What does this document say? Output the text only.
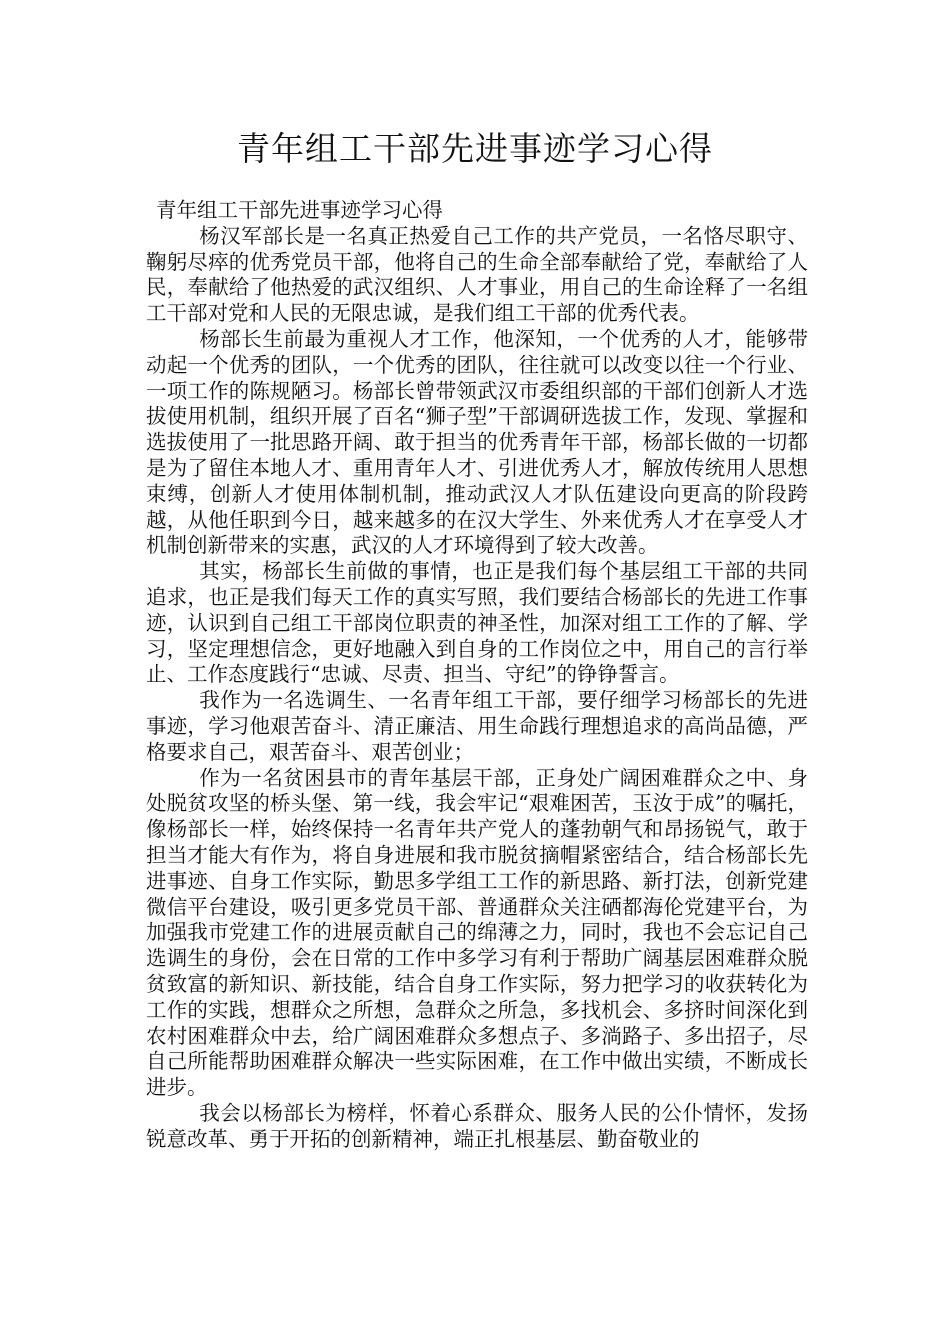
青年组工干部先进事迹学习心得

青年组工干部先进事迹学习心得

杨汉军部长是一名真正热爱自己工作的共产党员，一名恪尽职守、鞠躬尽瘁的优秀党员干部，他将自己的生命全部奉献给了党，奉献给了人民，奉献给了他热爱的武汉组织、人才事业，用自己的生命诠释了一名组工干部对党和人民的无限忠诚，是我们组工干部的优秀代表。

杨部长生前最为重视人才工作，他深知，一个优秀的人才，能够带动起一个优秀的团队，一个优秀的团队，往往就可以改变以往一个行业、一项工作的陈规陋习。杨部长曾带领武汉市委组织部的干部们创新人才选拔使用机制，组织开展了百名“狮子型”干部调研选拔工作，发现、掌握和选拔使用了一批思路开阔、敢于担当的优秀青年干部，杨部长做的一切都是为了留住本地人才、重用青年人才、引进优秀人才，解放传统用人思想束缚，创新人才使用体制机制，推动武汉人才队伍建设向更高的阶段跨越，从他任职到今日，越来越多的在汉大学生、外来优秀人才在享受人才机制创新带来的实惠，武汉的人才环境得到了较大改善。

其实，杨部长生前做的事情，也正是我们每个基层组工干部的共同追求，也正是我们每天工作的真实写照，我们要结合杨部长的先进工作事迹，认识到自己组工干部岗位职责的神圣性，加深对组工工作的了解、学习，坚定理想信念，更好地融入到自身的工作岗位之中，用自己的言行举止、工作态度践行“忠诚、尽责、担当、守纪”的铮铮誓言。

我作为一名选调生、一名青年组工干部，要仔细学习杨部长的先进事迹，学习他艰苦奋斗、清正廉洁、用生命践行理想追求的高尚品德，严格要求自己，艰苦奋斗、艰苦创业；

作为一名贫困县市的青年基层干部，正身处广阔困难群众之中、身处脱贫攻坚的桥头堡、第一线，我会牢记“艰难困苦，玉汝于成”的嘱托，像杨部长一样，始终保持一名青年共产党人的蓬勃朝气和昂扬锐气，敢于担当才能大有作为，将自身进展和我市脱贫摘帽紧密结合，结合杨部长先进事迹、自身工作实际，勤思多学组工工作的新思路、新打法，创新党建微信平台建设，吸引更多党员干部、普通群众关注硒都海伦党建平台，为加强我市党建工作的进展贡献自己的绵薄之力，同时，我也不会忘记自己选调生的身份，会在日常的工作中多学习有利于帮助广阔基层困难群众脱贫致富的新知识、新技能，结合自身工作实际，努力把学习的收获转化为工作的实践，想群众之所想，急群众之所急，多找机会、多挤时间深化到农村困难群众中去，给广阔困难群众多想点子、多淌路子、多出招子，尽自己所能帮助困难群众解决一些实际困难，在工作中做出实绩，不断成长进步。

我会以杨部长为榜样，怀着心系群众、服务人民的公仆情怀，发扬锐意改革、勇于开拓的创新精神，端正扎根基层、勤奋敬业的
